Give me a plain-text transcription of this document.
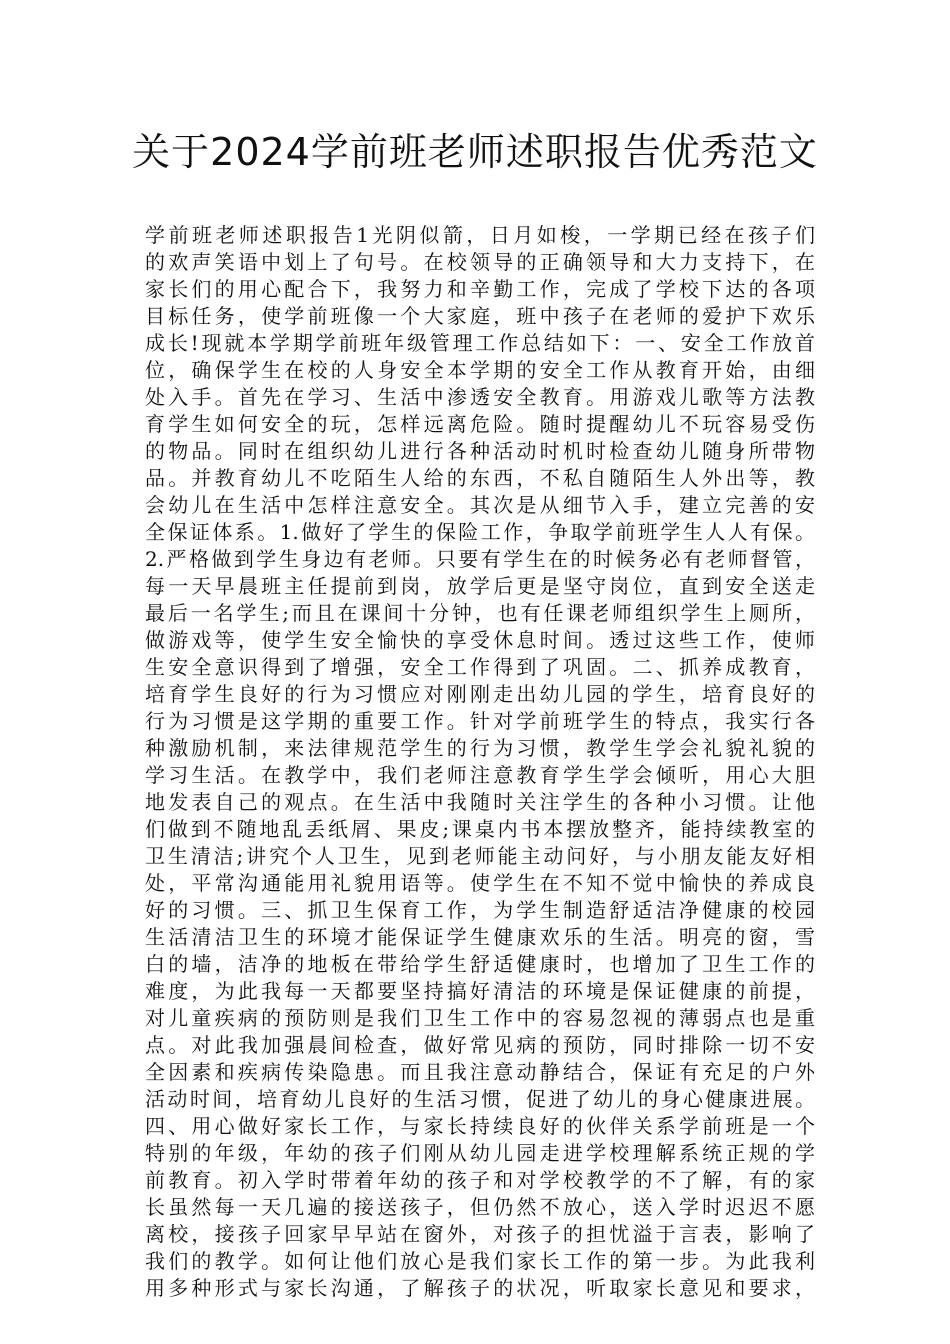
关于2024学前班老师述职报告优秀范文
学前班老师述职报告1光阴似箭，日月如梭，一学期已经在孩子们
的欢声笑语中划上了句号。在校领导的正确领导和大力支持下，在
家长们的用心配合下，我努力和辛勤工作，完成了学校下达的各项
目标任务，使学前班像一个大家庭，班中孩子在老师的爱护下欢乐
成长!现就本学期学前班年级管理工作总结如下：一、安全工作放首
位，确保学生在校的人身安全本学期的安全工作从教育开始，由细
处入手。首先在学习、生活中渗透安全教育。用游戏儿歌等方法教
育学生如何安全的玩，怎样远离危险。随时提醒幼儿不玩容易受伤
的物品。同时在组织幼儿进行各种活动时机时检查幼儿随身所带物
品。并教育幼儿不吃陌生人给的东西，不私自随陌生人外出等，教
会幼儿在生活中怎样注意安全。其次是从细节入手，建立完善的安
全保证体系。1.做好了学生的保险工作，争取学前班学生人人有保。
2.严格做到学生身边有老师。只要有学生在的时候务必有老师督管，
每一天早晨班主任提前到岗，放学后更是坚守岗位，直到安全送走
最后一名学生;而且在课间十分钟，也有任课老师组织学生上厕所，
做游戏等，使学生安全愉快的享受休息时间。透过这些工作，使师
生安全意识得到了增强，安全工作得到了巩固。二、抓养成教育，
培育学生良好的行为习惯应对刚刚走出幼儿园的学生，培育良好的
行为习惯是这学期的重要工作。针对学前班学生的特点，我实行各
种激励机制，来法律规范学生的行为习惯，教学生学会礼貌礼貌的
学习生活。在教学中，我们老师注意教育学生学会倾听，用心大胆
地发表自己的观点。在生活中我随时关注学生的各种小习惯。让他
们做到不随地乱丢纸屑、果皮;课桌内书本摆放整齐，能持续教室的
卫生清洁;讲究个人卫生，见到老师能主动问好，与小朋友能友好相
处，平常沟通能用礼貌用语等。使学生在不知不觉中愉快的养成良
好的习惯。三、抓卫生保育工作，为学生制造舒适洁净健康的校园
生活清洁卫生的环境才能保证学生健康欢乐的生活。明亮的窗，雪
白的墙，洁净的地板在带给学生舒适健康时，也增加了卫生工作的
难度，为此我每一天都要坚持搞好清洁的环境是保证健康的前提，
对儿童疾病的预防则是我们卫生工作中的容易忽视的薄弱点也是重
点。对此我加强晨间检查，做好常见病的预防，同时排除一切不安
全因素和疾病传染隐患。而且我注意动静结合，保证有充足的户外
活动时间，培育幼儿良好的生活习惯，促进了幼儿的身心健康进展。
四、用心做好家长工作，与家长持续良好的伙伴关系学前班是一个
特别的年级，年幼的孩子们刚从幼儿园走进学校理解系统正规的学
前教育。初入学时带着年幼的孩子和对学校教学的不了解，有的家
长虽然每一天几遍的接送孩子，但仍然不放心，送入学时迟迟不愿
离校，接孩子回家早早站在窗外，对孩子的担忧溢于言表，影响了
我们的教学。如何让他们放心是我们家长工作的第一步。为此我利
用多种形式与家长沟通，了解孩子的状况，听取家长意见和要求，
